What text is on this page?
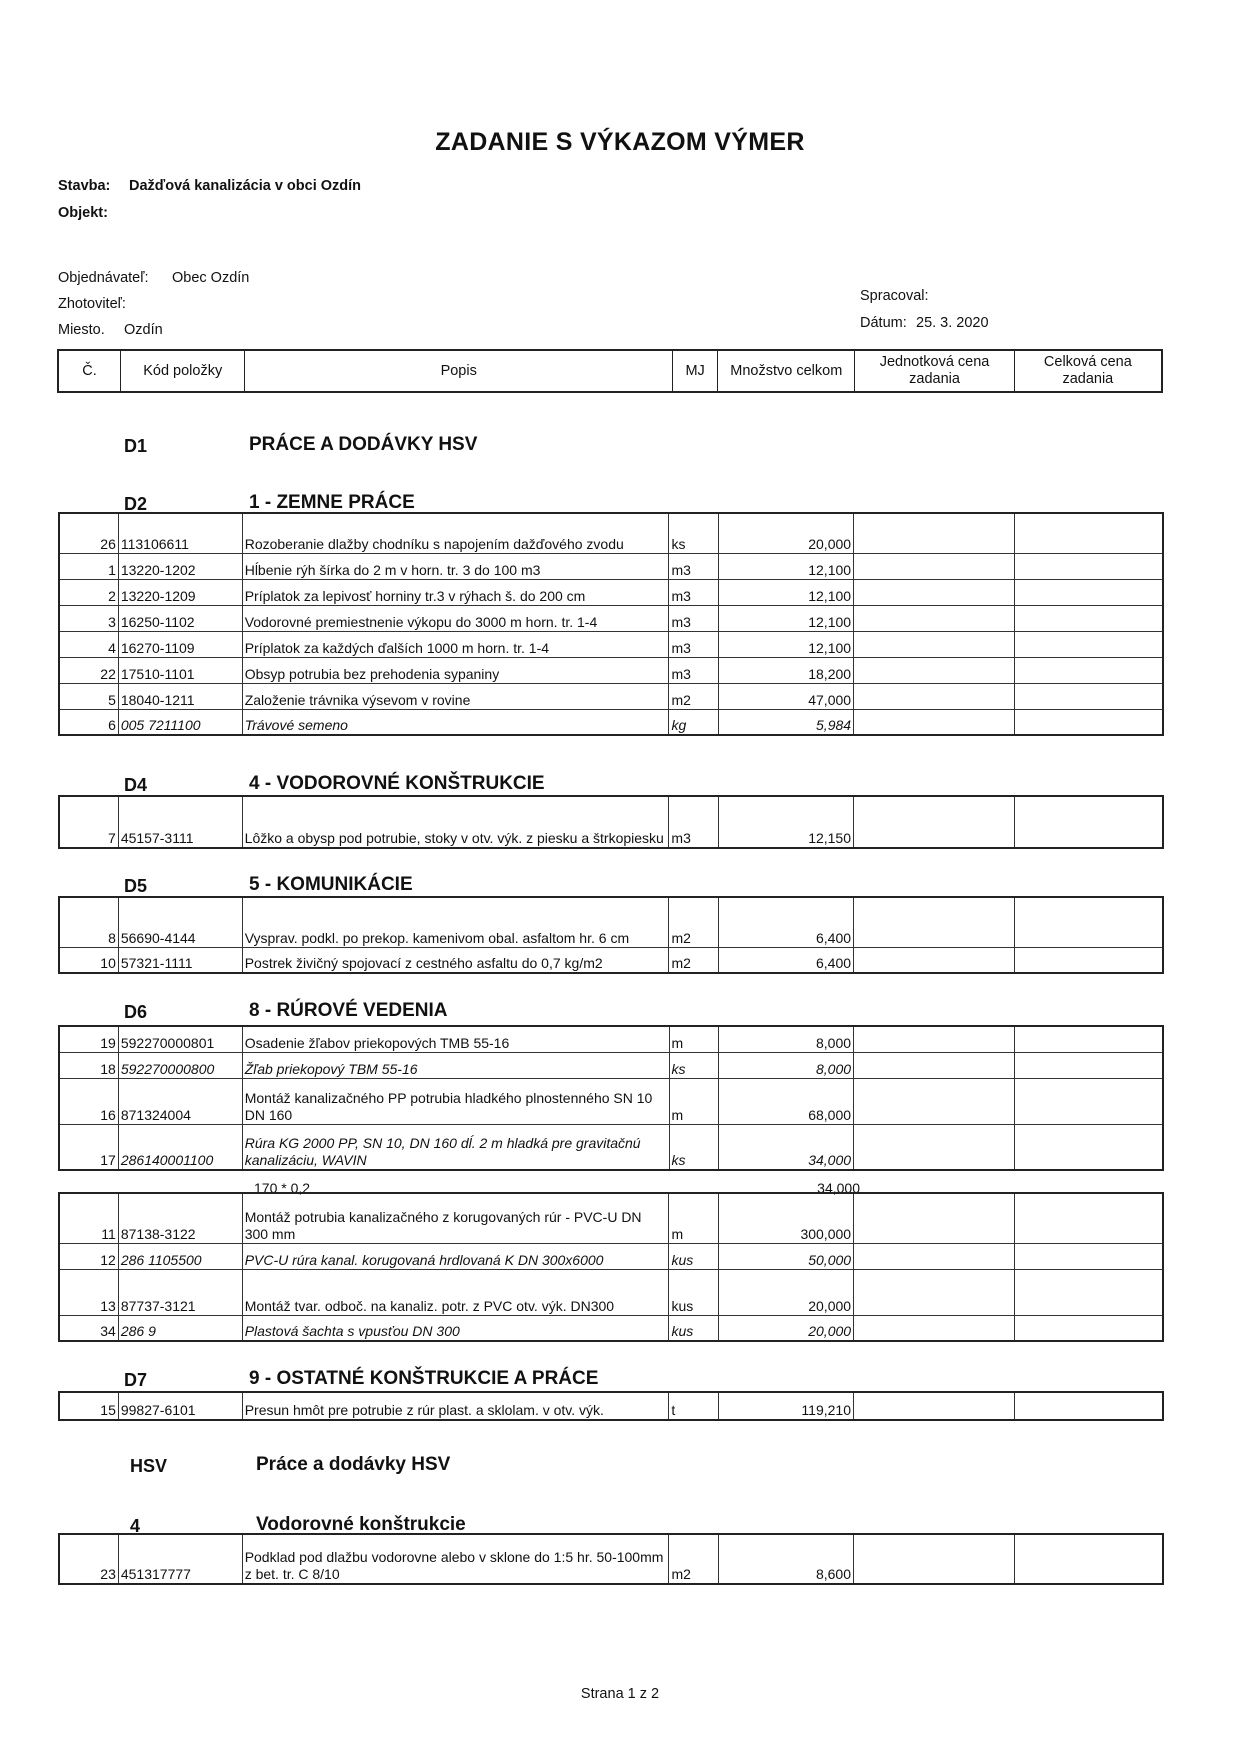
ZADANIE S VÝKAZOM VÝMER
Stavba: Dažďová kanalizácia v obci Ozdín
Objekt:
Objednávateľ: Obec Ozdín
Zhotoviteľ:
Miesto. Ozdín
Spracoval:
Dátum: 25. 3. 2020
Č.	Kód položky	Popis	MJ	Množstvo celkom	Jednotková cena zadania	Celková cena zadania
D1	PRÁCE A DODÁVKY HSV
D2	1 - ZEMNE PRÁCE
26	113106611	Rozoberanie dlažby chodníku s napojením dažďového zvodu	ks	20,000		
1	13220-1202	Hĺbenie rýh šírka do 2 m v horn. tr. 3 do 100 m3	m3	12,100		
2	13220-1209	Príplatok za lepivosť horniny tr.3 v rýhach š. do 200 cm	m3	12,100		
3	16250-1102	Vodorovné premiestnenie výkopu do 3000 m horn. tr. 1-4	m3	12,100		
4	16270-1109	Príplatok za každých ďalších 1000 m horn. tr. 1-4	m3	12,100		
22	17510-1101	Obsyp potrubia bez prehodenia sypaniny	m3	18,200		
5	18040-1211	Založenie trávnika výsevom v rovine	m2	47,000		
6	005 7211100	Trávové semeno	kg	5,984		
D4	4 - VODOROVNÉ KONŠTRUKCIE
7	45157-3111	Lôžko a obysp pod potrubie, stoky v otv. výk. z piesku a štrkopiesku	m3	12,150		
D5	5 - KOMUNIKÁCIE
8	56690-4144	Vysprav. podkl. po prekop. kamenivom obal. asfaltom hr. 6 cm	m2	6,400		
10	57321-1111	Postrek živičný spojovací z cestného asfaltu do 0,7 kg/m2	m2	6,400		
D6	8 - RÚROVÉ VEDENIA
19	592270000801	Osadenie žľabov priekopových TMB 55-16	m	8,000		
18	592270000800	Žľab priekopový TBM 55-16	ks	8,000		
16	871324004	Montáž kanalizačného PP potrubia hladkého plnostenného SN 10 DN 160	m	68,000		
17	286140001100	Rúra KG 2000 PP, SN 10, DN 160 dĺ. 2 m hladká pre gravitačnú kanalizáciu, WAVIN	ks	34,000		
170 * 0,2	34,000
11	87138-3122	Montáž potrubia kanalizačného z korugovaných rúr - PVC-U DN 300 mm	m	300,000		
12	286 1105500	PVC-U rúra kanal. korugovaná hrdlovaná K DN 300x6000	kus	50,000		
13	87737-3121	Montáž tvar. odboč. na kanaliz. potr. z PVC otv. výk. DN300	kus	20,000		
34	286 9	Plastová šachta s vpusťou DN 300	kus	20,000		
D7	9 - OSTATNÉ KONŠTRUKCIE A PRÁCE
15	99827-6101	Presun hmôt pre potrubie z rúr plast. a sklolam. v otv. výk.	t	119,210		
23	451317777	Podklad pod dlažbu vodorovne alebo v sklone do 1:5 hr. 50-100mm z bet. tr. C 8/10	m2	8,600		
HSV	Práce a dodávky HSV
4	Vodorovné konštrukcie
Strana 1 z 2
